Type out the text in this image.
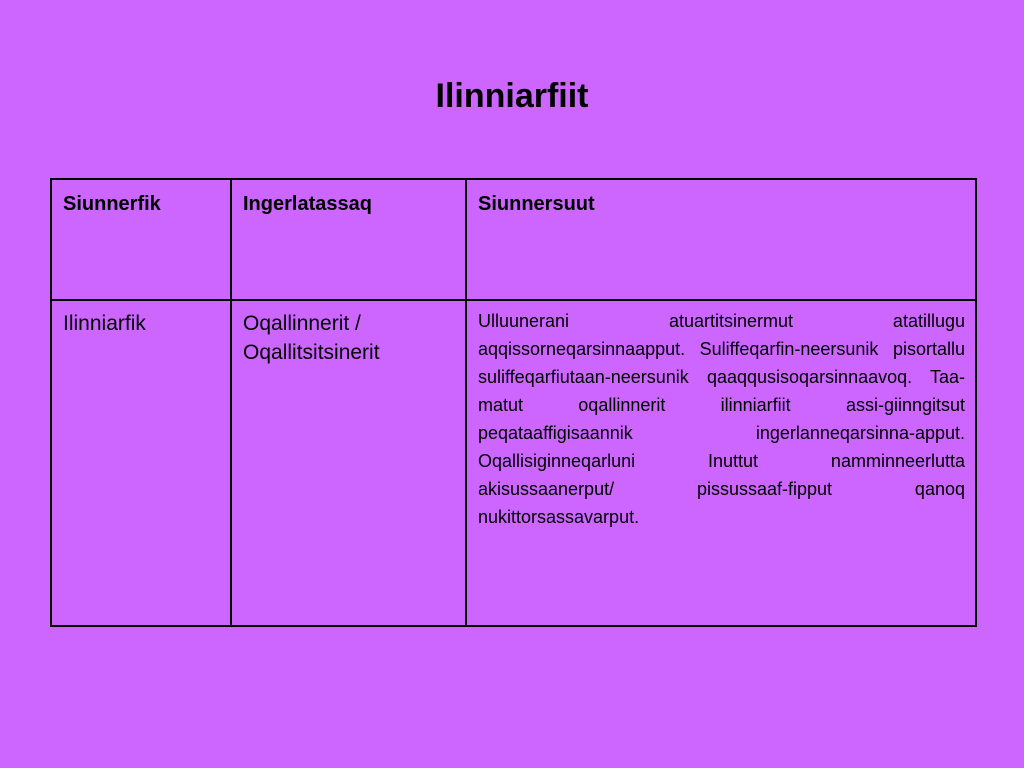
Ilinniarfiit
Siunnerfik	Ingerlatassaq	Siunnersuut
Ilinniarfik	Oqallinnerit / Oqallitsitsinerit	Ulluunerani atuartitsinermut atatillugu aqqissorneqarsinnaapput. Suliffeqarfin-neersunik pisortallu suliffeqarfiutaan-neersunik qaaqqusisoqarsinnaavoq. Taa-matut oqallinnerit ilinniarfiit assi-giinngitsut peqataaffigisaannik ingerlanneqarsinna-apput. Oqallisiginneqarluni Inuttut namminneerlutta akisussaanerput/ pissussaaf-fipput qanoq nukittorsassavarput.
